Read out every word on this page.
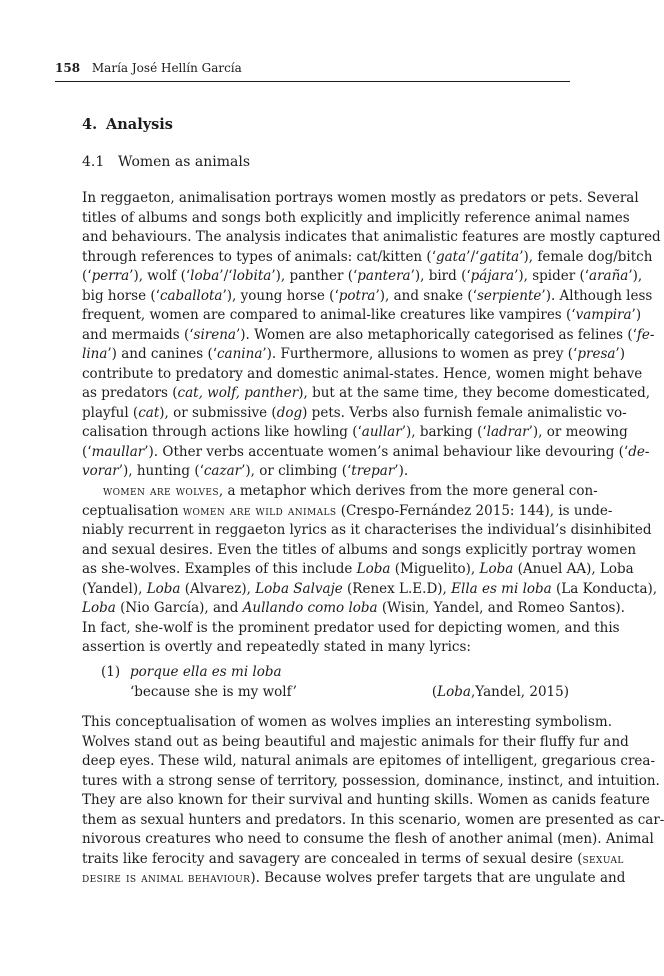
158 María José Hellín García
4. Analysis
4.1 Women as animals
In reggaeton, animalisation portrays women mostly as predators or pets. Several
titles of albums and songs both explicitly and implicitly reference animal names
and behaviours. The analysis indicates that animalistic features are mostly captured
through references to types of animals: cat/kitten (‘gata’/‘gatita’), female dog/bitch
(‘perra’), wolf (‘loba’/‘lobita’), panther (‘pantera’), bird (‘pájara’), spider (‘araña’),
big horse (‘caballota’), young horse (‘potra’), and snake (‘serpiente’). Although less
frequent, women are compared to animal-like creatures like vampires (‘vampira’)
and mermaids (‘sirena’). Women are also metaphorically categorised as felines (‘fe-
lina’) and canines (‘canina’). Furthermore, allusions to women as prey (‘presa’)
contribute to predatory and domestic animal-states. Hence, women might behave
as predators (cat, wolf, panther), but at the same time, they become domesticated,
playful (cat), or submissive (dog) pets. Verbs also furnish female animalistic vo-
calisation through actions like howling (‘aullar’), barking (‘ladrar’), or meowing
(‘maullar’). Other verbs accentuate women’s animal behaviour like devouring (‘de-
vorar’), hunting (‘cazar’), or climbing (‘trepar’).
women are wolves, a metaphor which derives from the more general con-
ceptualisation women are wild animals (Crespo-Fernández 2015: 144), is unde-
niably recurrent in reggaeton lyrics as it characterises the individual’s disinhibited
and sexual desires. Even the titles of albums and songs explicitly portray women
as she-wolves. Examples of this include Loba (Miguelito), Loba (Anuel AA), Loba
(Yandel), Loba (Alvarez), Loba Salvaje (Renex L.E.D), Ella es mi loba (La Konducta),
Loba (Nio García), and Aullando como loba (Wisin, Yandel, and Romeo Santos).
In fact, she-wolf is the prominent predator used for depicting women, and this
assertion is overtly and repeatedly stated in many lyrics:
This conceptualisation of women as wolves implies an interesting symbolism.
Wolves stand out as being beautiful and majestic animals for their fluffy fur and
deep eyes. These wild, natural animals are epitomes of intelligent, gregarious crea-
tures with a strong sense of territory, possession, dominance, instinct, and intuition.
They are also known for their survival and hunting skills. Women as canids feature
them as sexual hunters and predators. In this scenario, women are presented as car-
nivorous creatures who need to consume the flesh of another animal (men). Animal
traits like ferocity and savagery are concealed in terms of sexual desire (sexual
desire is animal behaviour). Because wolves prefer targets that are ungulate and
(1) porque ella es mi loba
‘because she is my wolf’	(Loba,Yandel, 2015)
